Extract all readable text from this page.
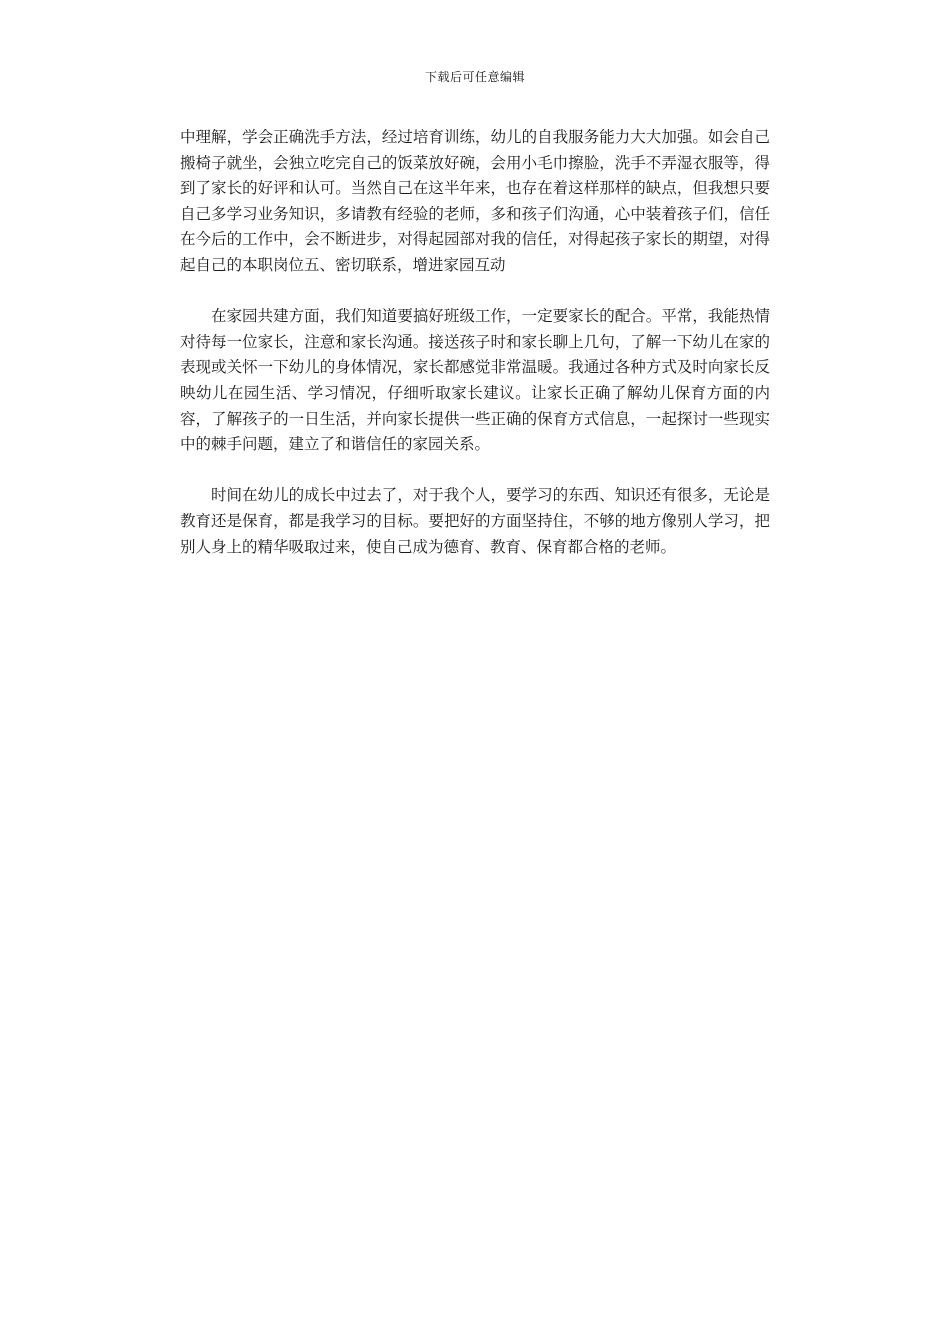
下载后可任意编辑

中理解，学会正确洗手方法，经过培育训练，幼儿的自我服务能力大大加强。如会自己搬椅子就坐，会独立吃完自己的饭菜放好碗，会用小毛巾擦脸，洗手不弄湿衣服等，得到了家长的好评和认可。当然自己在这半年来，也存在着这样那样的缺点，但我想只要自己多学习业务知识，多请教有经验的老师，多和孩子们沟通，心中装着孩子们，信任在今后的工作中，会不断进步，对得起园部对我的信任，对得起孩子家长的期望，对得起自己的本职岗位五、密切联系，增进家园互动

在家园共建方面，我们知道要搞好班级工作，一定要家长的配合。平常，我能热情对待每一位家长，注意和家长沟通。接送孩子时和家长聊上几句，了解一下幼儿在家的表现或关怀一下幼儿的身体情况，家长都感觉非常温暖。我通过各种方式及时向家长反映幼儿在园生活、学习情况，仔细听取家长建议。让家长正确了解幼儿保育方面的内容，了解孩子的一日生活，并向家长提供一些正确的保育方式信息，一起探讨一些现实中的棘手问题，建立了和谐信任的家园关系。

时间在幼儿的成长中过去了，对于我个人，要学习的东西、知识还有很多，无论是教育还是保育，都是我学习的目标。要把好的方面坚持住，不够的地方像别人学习，把别人身上的精华吸取过来，使自己成为德育、教育、保育都合格的老师。
